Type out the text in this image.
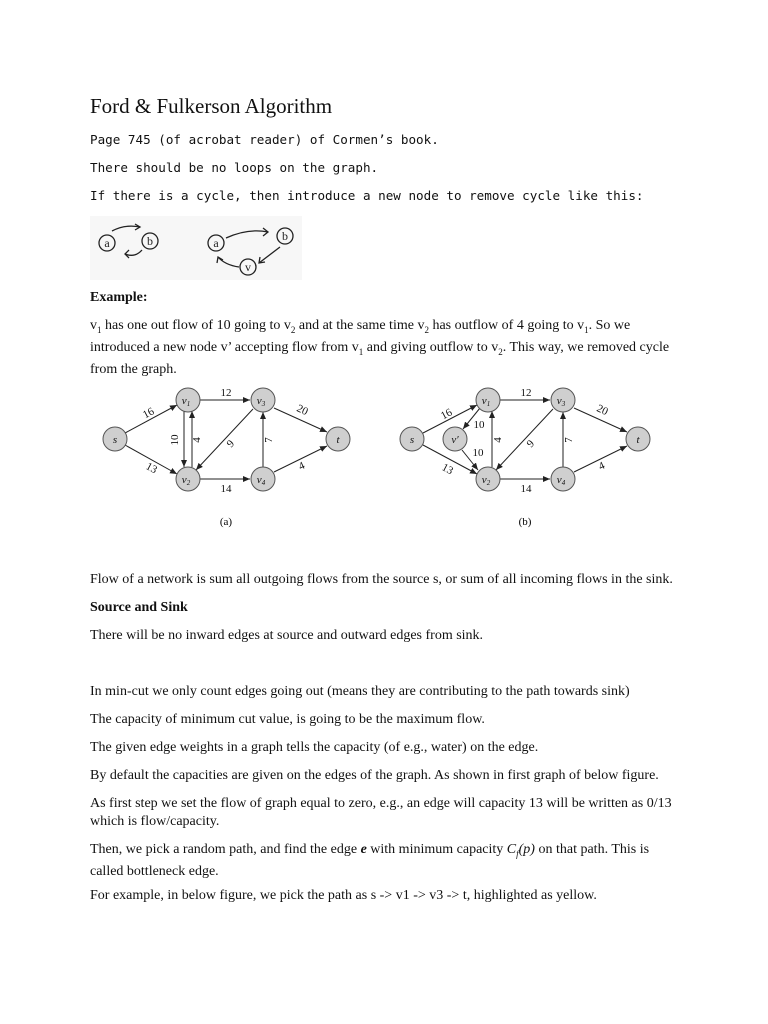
Ford & Fulkerson Algorithm

Page 745 (of acrobat reader) of Cormen’s book.

There should be no loops on the graph.

If there is a cycle, then introduce a new node to remove cycle like this:

a	b	a	b
v

Example:

$v_1$ has one out flow of 10 going to $v_2$ and at the same time $v_2$ has outflow of 4 going to $v_1$. So we
introduced a new node v’ accepting flow from $v_1$ and giving outflow to $v_2$. This way, we removed cycle
from the graph.
s
v1
v2
v3
v4
t
16
13
12
14
10 4 9 7
20
4
(a)
s	v′
v1
v2
v3
v4
t
16
13
10
10
12
14
4 9 7
20
4
(b)

Flow of a network is sum all outgoing flows from the source s, or sum of all incoming flows in the sink.

Source and Sink

There will be no inward edges at source and outward edges from sink.

In min-cut we only count edges going out (means they are contributing to the path towards sink)

The capacity of minimum cut value, is going to be the maximum flow.

The given edge weights in a graph tells the capacity (of e.g., water) on the edge.

By default the capacities are given on the edges of the graph. As shown in first graph of below figure.

As first step we set the flow of graph equal to zero, e.g., an edge will capacity 13 will be written as 0/13
which is flow/capacity.
Then, we pick a random path, and find the edge e with minimum capacity $C_f(p)$ on that path. This is
called bottleneck edge.

For example, in below figure, we pick the path as s -> v1 -> v3 -> t, highlighted as yellow.
